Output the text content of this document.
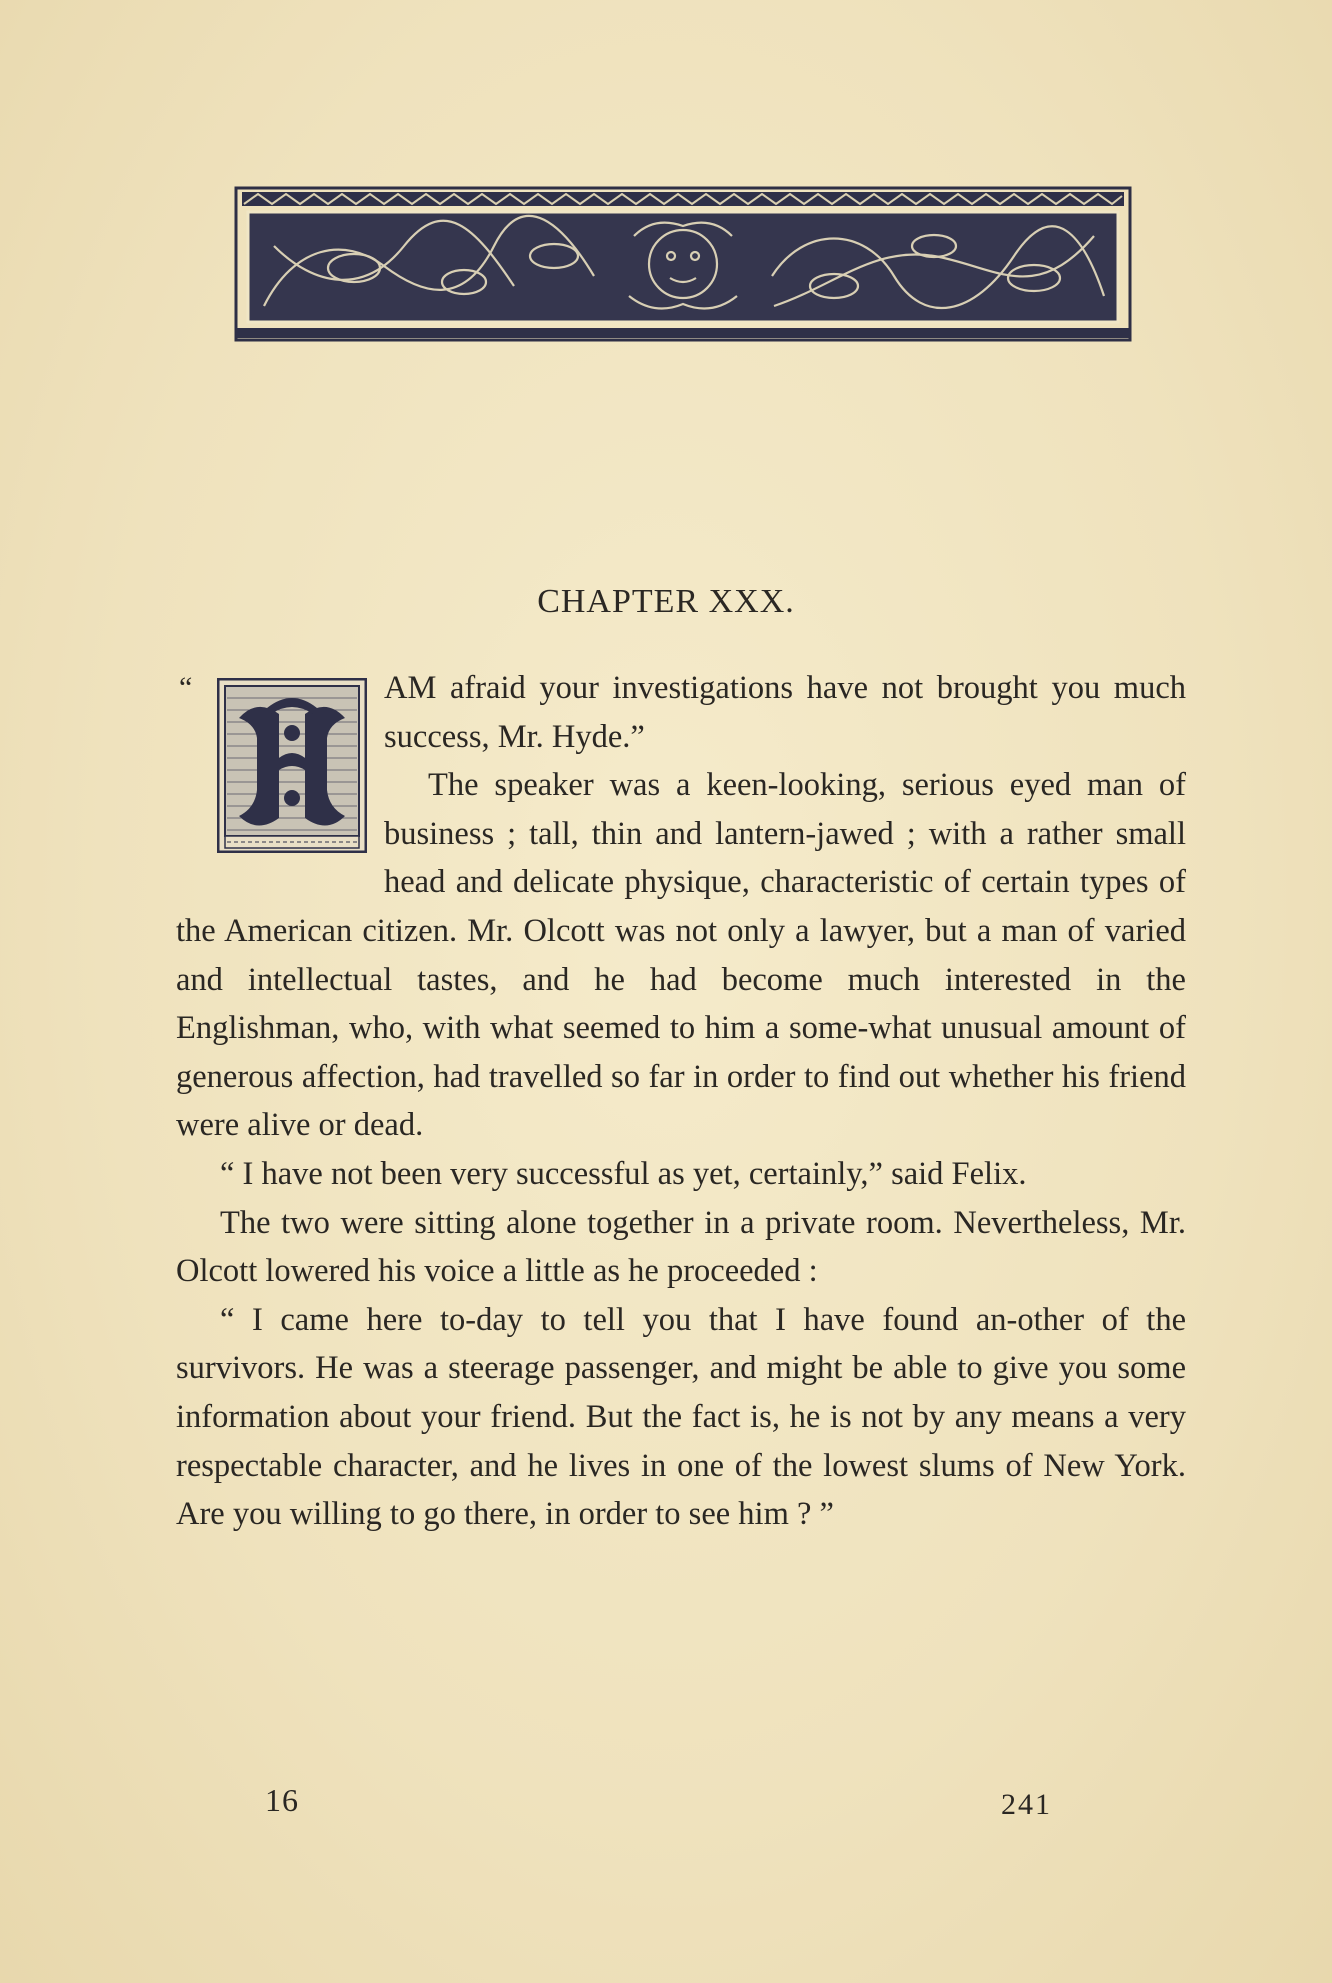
CHAPTER XXX.
“	AM afraid your investigations have not brought you much success, Mr. Hyde.”

The speaker was a keen-looking, serious eyed man of business ; tall, thin and lantern-jawed ; with a rather small head and delicate physique, characteristic of certain types of the American citizen. Mr. Olcott was not only a lawyer, but a man of varied and intellectual tastes, and he had become much interested in the Englishman, who, with what seemed to him a some-what unusual amount of generous affection, had travelled so far in order to find out whether his friend were alive or dead.

“ I have not been very successful as yet, certainly,” said Felix.

The two were sitting alone together in a private room. Nevertheless, Mr. Olcott lowered his voice a little as he proceeded :

“ I came here to-day to tell you that I have found an-other of the survivors. He was a steerage passenger, and might be able to give you some information about your friend. But the fact is, he is not by any means a very respectable character, and he lives in one of the lowest slums of New York. Are you willing to go there, in order to see him ? ”

16	241
